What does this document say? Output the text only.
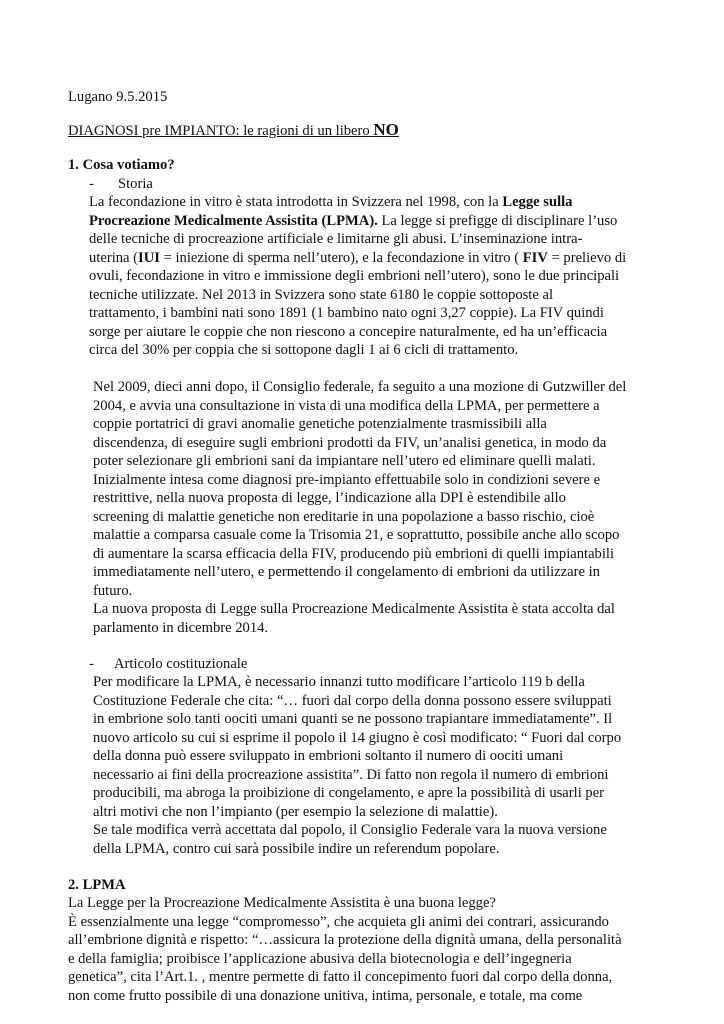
Lugano 9.5.2015
DIAGNOSI pre IMPIANTO: le ragioni di un libero NO
1. Cosa votiamo?
- Storia
La fecondazione in vitro è stata introdotta in Svizzera nel 1998, con la Legge sulla
Procreazione Medicalmente Assistita (LPMA). La legge si prefigge di disciplinare l’uso
delle tecniche di procreazione artificiale e limitarne gli abusi. L’inseminazione intra-
uterina (IUI = iniezione di sperma nell’utero), e la fecondazione in vitro ( FIV = prelievo di
ovuli, fecondazione in vitro e immissione degli embrioni nell’utero), sono le due principali
tecniche utilizzate. Nel 2013 in Svizzera sono state 6180 le coppie sottoposte al
trattamento, i bambini nati sono 1891 (1 bambino nato ogni 3,27 coppie). La FIV quindi
sorge per aiutare le coppie che non riescono a concepire naturalmente, ed ha un’efficacia
circa del 30% per coppia che si sottopone dagli 1 ai 6 cicli di trattamento.
Nel 2009, dieci anni dopo, il Consiglio federale, fa seguito a una mozione di Gutzwiller del
2004, e avvia una consultazione in vista di una modifica della LPMA, per permettere a
coppie portatrici di gravi anomalie genetiche potenzialmente trasmissibili alla
discendenza, di eseguire sugli embrioni prodotti da FIV, un’analisi genetica, in modo da
poter selezionare gli embrioni sani da impiantare nell’utero ed eliminare quelli malati.
Inizialmente intesa come diagnosi pre-impianto effettuabile solo in condizioni severe e
restrittive, nella nuova proposta di legge, l’indicazione alla DPI è estendibile allo
screening di malattie genetiche non ereditarie in una popolazione a basso rischio, cioè
malattie a comparsa casuale come la Trisomia 21, e soprattutto, possibile anche allo scopo
di aumentare la scarsa efficacia della FIV, producendo più embrioni di quelli impiantabili
immediatamente nell’utero, e permettendo il congelamento di embrioni da utilizzare in
futuro.
La nuova proposta di Legge sulla Procreazione Medicalmente Assistita è stata accolta dal
parlamento in dicembre 2014.
- Articolo costituzionale
Per modificare la LPMA, è necessario innanzi tutto modificare l’articolo 119 b della
Costituzione Federale che cita: “… fuori dal corpo della donna possono essere sviluppati
in embrione solo tanti oociti umani quanti se ne possono trapiantare immediatamente”. Il
nuovo articolo su cui si esprime il popolo il 14 giugno è così modificato: “ Fuori dal corpo
della donna può essere sviluppato in embrioni soltanto il numero di oociti umani
necessario ai fini della procreazione assistita”. Di fatto non regola il numero di embrioni
producibili, ma abroga la proibizione di congelamento, e apre la possibilità di usarli per
altri motivi che non l’impianto (per esempio la selezione di malattie).
Se tale modifica verrà accettata dal popolo, il Consiglio Federale vara la nuova versione
della LPMA, contro cui sarà possibile indire un referendum popolare.
2. LPMA
La Legge per la Procreazione Medicalmente Assistita è una buona legge?
È essenzialmente una legge “compromesso”, che acquieta gli animi dei contrari, assicurando
all’embrione dignità e rispetto: “…assicura la protezione della dignità umana, della personalità
e della famiglia; proibisce l’applicazione abusiva della biotecnologia e dell’ingegneria
genetica”, cita l’Art.1. , mentre permette di fatto il concepimento fuori dal corpo della donna,
non come frutto possibile di una donazione unitiva, intima, personale, e totale, ma come
